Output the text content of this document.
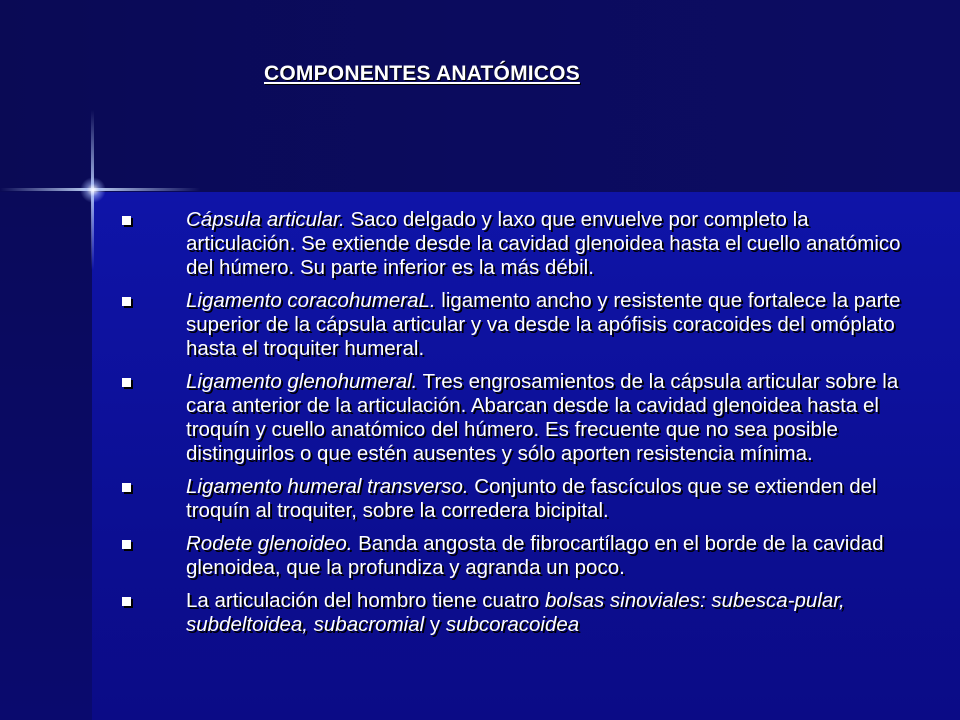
COMPONENTES ANATÓMICOS
Cápsula articular. Saco delgado y laxo que envuelve por completo la articulación. Se extiende desde la cavidad glenoidea hasta el cuello anatómico del húmero. Su parte inferior es la más débil.
Ligamento coracohumeraL. ligamento ancho y resistente que fortalece la parte superior de la cápsula articular y va desde la apófisis coracoides del omóplato hasta el troquiter humeral.
Ligamento glenohumeral. Tres engrosamientos de la cápsula articular sobre la cara anterior de la articulación. Abarcan desde la cavidad glenoidea hasta el troquín y cuello anatómico del húmero. Es frecuente que no sea posible distinguirlos o que estén ausentes y sólo aporten resistencia mínima.
Ligamento humeral transverso. Conjunto de fascículos que se extienden del troquín al troquiter, sobre la corredera bicipital.
Rodete glenoideo. Banda angosta de fibrocartílago en el borde de la cavidad glenoidea, que la profundiza y agranda un poco.
La articulación del hombro tiene cuatro bolsas sinoviales: subesca-pular, subdeltoidea, subacromial y subcoracoidea
